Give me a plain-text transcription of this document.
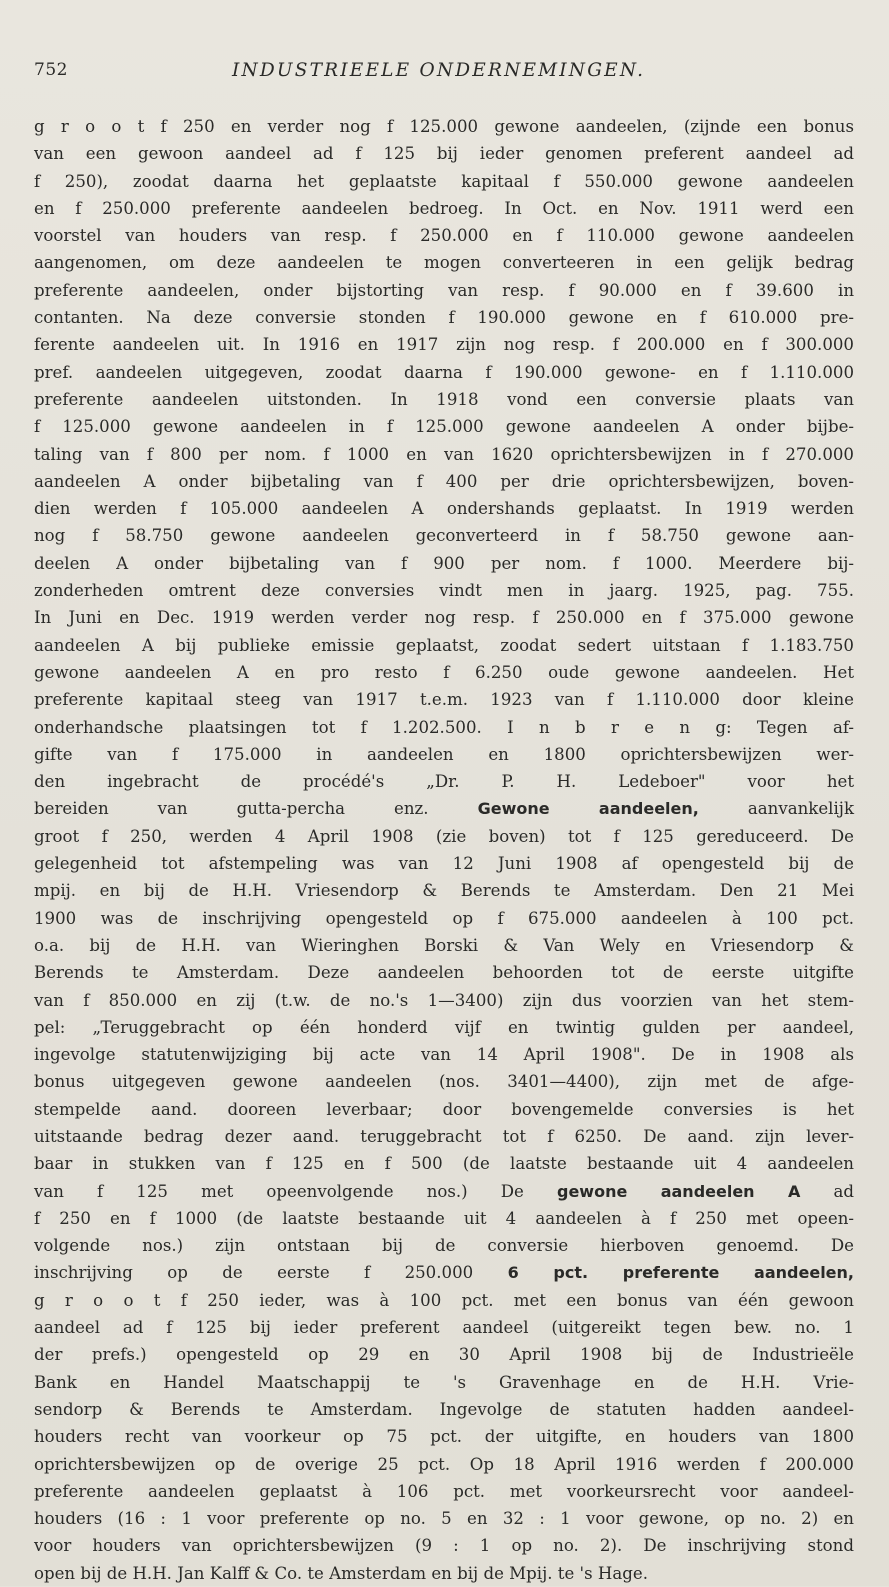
752	INDUSTRIEELE ONDERNEMINGEN.
g r o o t f 250 en verder nog f 125.000 gewone aandeelen, (zijnde een bonus
van een gewoon aandeel ad f 125 bij ieder genomen preferent aandeel ad
f 250), zoodat daarna het geplaatste kapitaal f 550.000 gewone aandeelen
en f 250.000 preferente aandeelen bedroeg. In Oct. en Nov. 1911 werd een
voorstel van houders van resp. f 250.000 en f 110.000 gewone aandeelen
aangenomen, om deze aandeelen te mogen converteeren in een gelijk bedrag
preferente aandeelen, onder bijstorting van resp. f 90.000 en f 39.600 in
contanten. Na deze conversie stonden f 190.000 gewone en f 610.000 pre-
ferente aandeelen uit. In 1916 en 1917 zijn nog resp. f 200.000 en f 300.000
pref. aandeelen uitgegeven, zoodat daarna f 190.000 gewone- en f 1.110.000
preferente aandeelen uitstonden. In 1918 vond een conversie plaats van
f 125.000 gewone aandeelen in f 125.000 gewone aandeelen A onder bijbe-
taling van f 800 per nom. f 1000 en van 1620 oprichtersbewijzen in f 270.000
aandeelen A onder bijbetaling van f 400 per drie oprichtersbewijzen, boven-
dien werden f 105.000 aandeelen A ondershands geplaatst. In 1919 werden
nog f 58.750 gewone aandeelen geconverteerd in f 58.750 gewone aan-
deelen A onder bijbetaling van f 900 per nom. f 1000. Meerdere bij-
zonderheden omtrent deze conversies vindt men in jaarg. 1925, pag. 755.
In Juni en Dec. 1919 werden verder nog resp. f 250.000 en f 375.000 gewone
aandeelen A bij publieke emissie geplaatst, zoodat sedert uitstaan f 1.183.750
gewone aandeelen A en pro resto f 6.250 oude gewone aandeelen. Het
preferente kapitaal steeg van 1917 t.e.m. 1923 van f 1.110.000 door kleine
onderhandsche plaatsingen tot f 1.202.500. I n b r e n g: Tegen af-
gifte van f 175.000 in aandeelen en 1800 oprichtersbewijzen wer-
den ingebracht de procédé's „Dr. P. H. Ledeboer" voor het
bereiden van gutta-percha enz. Gewone aandeelen, aanvankelijk
groot f 250, werden 4 April 1908 (zie boven) tot f 125 gereduceerd. De
gelegenheid tot afstempeling was van 12 Juni 1908 af opengesteld bij de
mpij. en bij de H.H. Vriesendorp & Berends te Amsterdam. Den 21 Mei
1900 was de inschrijving opengesteld op f 675.000 aandeelen à 100 pct.
o.a. bij de H.H. van Wieringhen Borski & Van Wely en Vriesendorp &
Berends te Amsterdam. Deze aandeelen behoorden tot de eerste uitgifte
van f 850.000 en zij (t.w. de no.'s 1—3400) zijn dus voorzien van het stem-
pel: „Teruggebracht op één honderd vijf en twintig gulden per aandeel,
ingevolge statutenwijziging bij acte van 14 April 1908". De in 1908 als
bonus uitgegeven gewone aandeelen (nos. 3401—4400), zijn met de afge-
stempelde aand. dooreen leverbaar; door bovengemelde conversies is het
uitstaande bedrag dezer aand. teruggebracht tot f 6250. De aand. zijn lever-
baar in stukken van f 125 en f 500 (de laatste bestaande uit 4 aandeelen
van f 125 met opeenvolgende nos.) De gewone aandeelen A ad
f 250 en f 1000 (de laatste bestaande uit 4 aandeelen à f 250 met opeen-
volgende nos.) zijn ontstaan bij de conversie hierboven genoemd. De
inschrijving op de eerste f 250.000 6 pct. preferente aandeelen,
g r o o t f 250 ieder, was à 100 pct. met een bonus van één gewoon
aandeel ad f 125 bij ieder preferent aandeel (uitgereikt tegen bew. no. 1
der prefs.) opengesteld op 29 en 30 April 1908 bij de Industrieële
Bank en Handel Maatschappij te 's Gravenhage en de H.H. Vrie-
sendorp & Berends te Amsterdam. Ingevolge de statuten hadden aandeel-
houders recht van voorkeur op 75 pct. der uitgifte, en houders van 1800
oprichtersbewijzen op de overige 25 pct. Op 18 April 1916 werden f 200.000
preferente aandeelen geplaatst à 106 pct. met voorkeursrecht voor aandeel-
houders (16 : 1 voor preferente op no. 5 en 32 : 1 voor gewone, op no. 2) en
voor houders van oprichtersbewijzen (9 : 1 op no. 2). De inschrijving stond
open bij de H.H. Jan Kalff & Co. te Amsterdam en bij de Mpij. te 's Hage.
